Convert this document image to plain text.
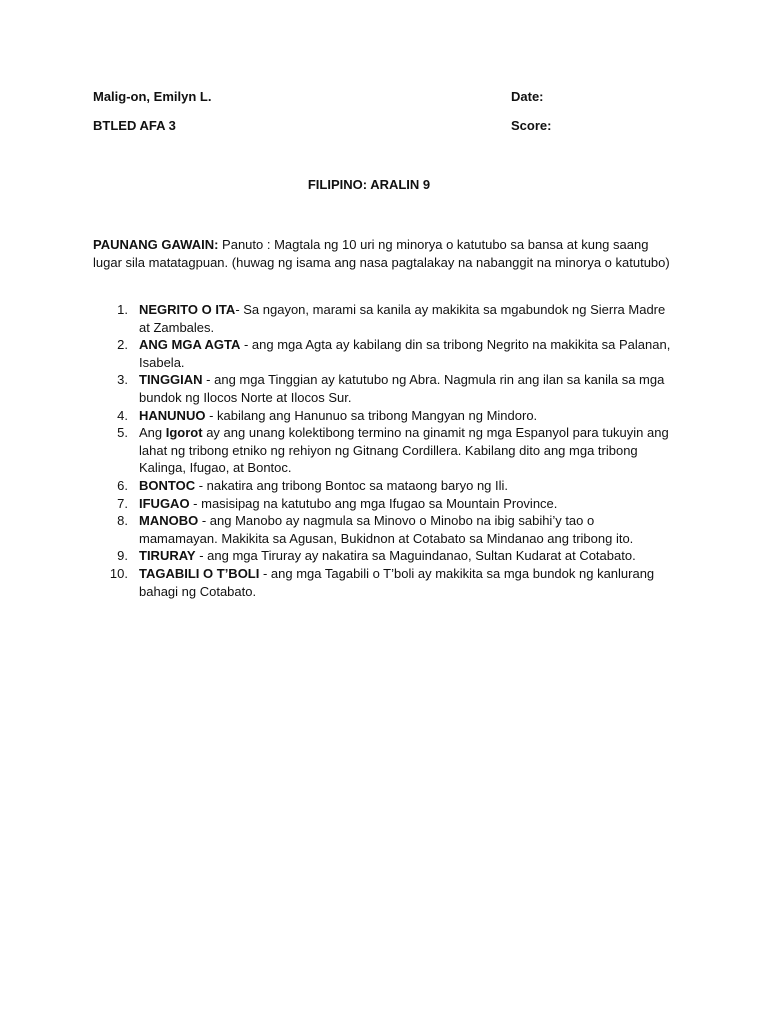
Malig-on, Emilyn L.	Date:
BTLED AFA 3	Score:
FILIPINO: ARALIN 9
PAUNANG GAWAIN: Panuto : Magtala ng 10 uri ng minorya o katutubo sa bansa at kung saang lugar sila matatagpuan. (huwag ng isama ang nasa pagtalakay na nabanggit na minorya o katutubo)
1. NEGRITO O ITA- Sa ngayon, marami sa kanila ay makikita sa mgabundok ng Sierra Madre at Zambales.
2. ANG MGA AGTA - ang mga Agta ay kabilang din sa tribong Negrito na makikita sa Palanan, Isabela.
3. TINGGIAN - ang mga Tinggian ay katutubo ng Abra. Nagmula rin ang ilan sa kanila sa mga bundok ng Ilocos Norte at Ilocos Sur.
4. HANUNUO - kabilang ang Hanunuo sa tribong Mangyan ng Mindoro.
5. Ang Igorot ay ang unang kolektibong termino na ginamit ng mga Espanyol para tukuyin ang lahat ng tribong etniko ng rehiyon ng Gitnang Cordillera. Kabilang dito ang mga tribong Kalinga, Ifugao, at Bontoc.
6. BONTOC - nakatira ang tribong Bontoc sa mataong baryo ng Ili.
7. IFUGAO - masisipag na katutubo ang mga Ifugao sa Mountain Province.
8. MANOBO - ang Manobo ay nagmula sa Minovo o Minobo na ibig sabihi’y tao o mamamayan. Makikita sa Agusan, Bukidnon at Cotabato sa Mindanao ang tribong ito.
9. TIRURAY - ang mga Tiruray ay nakatira sa Maguindanao, Sultan Kudarat at Cotabato.
10. TAGABILI O T’BOLI - ang mga Tagabili o T’boli ay makikita sa mga bundok ng kanlurang bahagi ng Cotabato.
